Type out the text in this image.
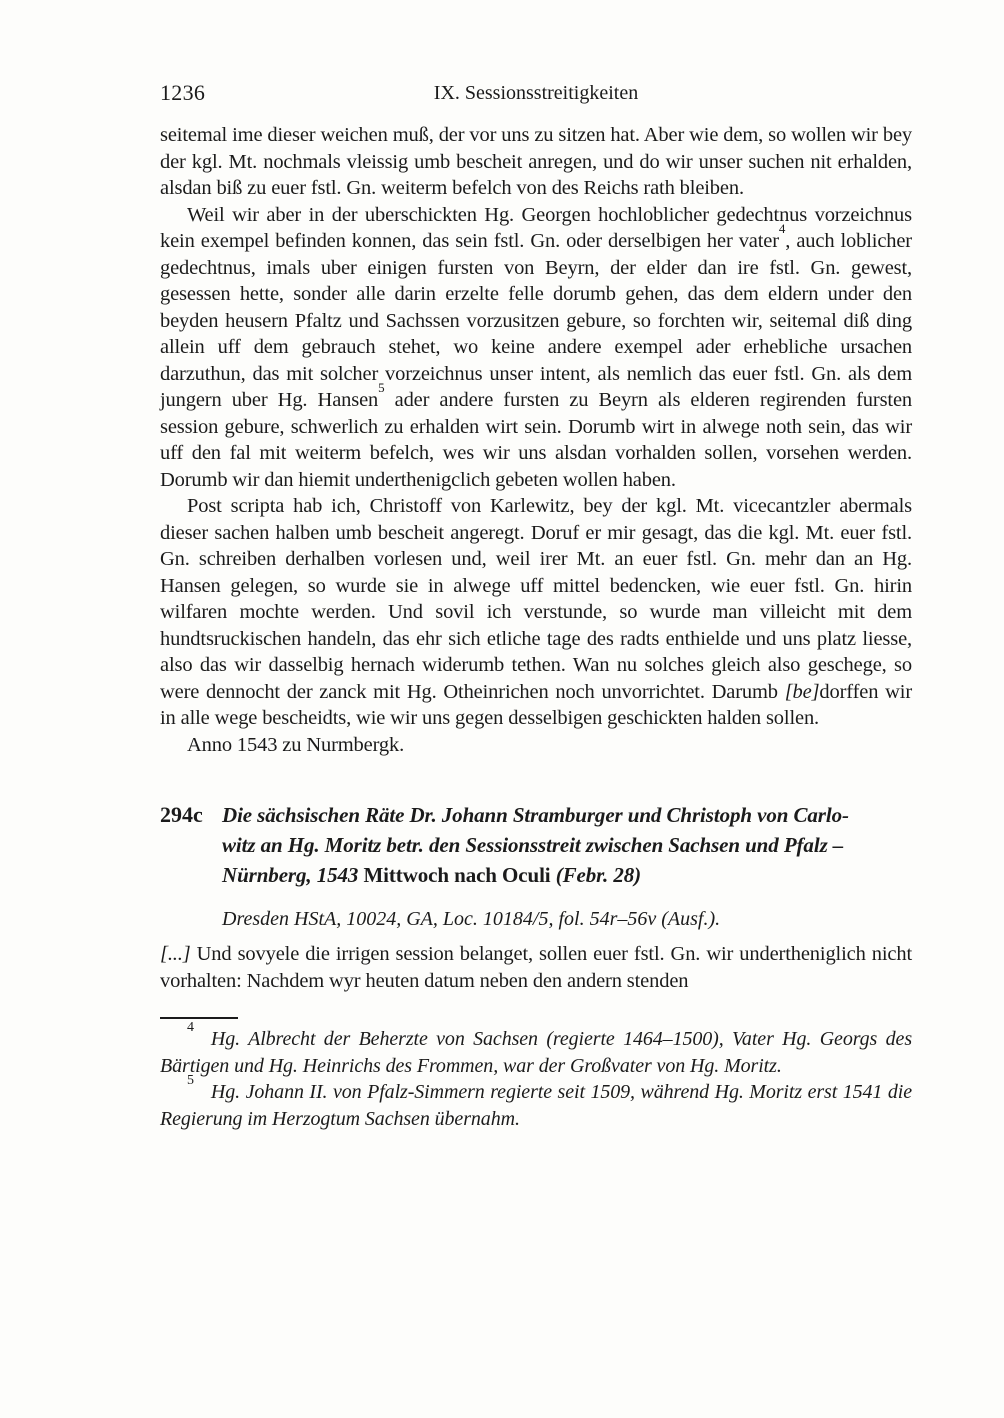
1236	IX. Sessionsstreitigkeiten

seitemal ime dieser weichen muß, der vor uns zu sitzen hat. Aber wie dem, so wollen wir bey der kgl. Mt. nochmals vleissig umb bescheit anregen, und do wir unser suchen nit erhalden, alsdan biß zu euer fstl. Gn. weiterm befelch von des Reichs rath bleiben.

Weil wir aber in der uberschickten Hg. Georgen hochloblicher gedechtnus vorzeichnus kein exempel befinden konnen, das sein fstl. Gn. oder derselbigen her vater$^4$, auch loblicher gedechtnus, imals uber einigen fursten von Beyrn, der elder dan ire fstl. Gn. gewest, gesessen hette, sonder alle darin erzelte felle dorumb gehen, das dem eldern under den beyden heusern Pfaltz und Sachssen vorzusitzen gebure, so forchten wir, seitemal diß ding allein uff dem gebrauch stehet, wo keine andere exempel ader erhebliche ursachen darzuthun, das mit solcher vorzeichnus unser intent, als nemlich das euer fstl. Gn. als dem jungern uber Hg. Hansen$^5$ ader andere fursten zu Beyrn als elderen regirenden fursten session gebure, schwerlich zu erhalden wirt sein. Dorumb wirt in alwege noth sein, das wir uff den fal mit weiterm befelch, wes wir uns alsdan vorhalden sollen, vorsehen werden. Dorumb wir dan hiemit underthenigclich gebeten wollen haben.

Post scripta hab ich, Christoff von Karlewitz, bey der kgl. Mt. vicecantzler abermals dieser sachen halben umb bescheit angeregt. Doruf er mir gesagt, das die kgl. Mt. euer fstl. Gn. schreiben derhalben vorlesen und, weil irer Mt. an euer fstl. Gn. mehr dan an Hg. Hansen gelegen, so wurde sie in alwege uff mittel bedencken, wie euer fstl. Gn. hirin wilfaren mochte werden. Und sovil ich verstunde, so wurde man villeicht mit dem hundtsruckischen handeln, das ehr sich etliche tage des radts enthielde und uns platz liesse, also das wir dasselbig hernach widerumb tethen. Wan nu solches gleich also geschege, so were dennocht der zanck mit Hg. Otheinrichen noch unvorrichtet. Darumb [be]dorffen wir in alle wege bescheidts, wie wir uns gegen desselbigen geschickten halden sollen.

Anno 1543 zu Nurmbergk.

294c Die sächsischen Räte Dr. Johann Stramburger und Christoph von Carlo-
witz an Hg. Moritz betr. den Sessionsstreit zwischen Sachsen und Pfalz –
Nürnberg, 1543 Mittwoch nach Oculi (Febr. 28)
Dresden HStA, 10024, GA, Loc. 10184/5, fol. 54r–56v (Ausf.).

[...] Und sovyele die irrigen session belanget, sollen euer fstl. Gn. wir undertheniglich nicht vorhalten: Nachdem wyr heuten datum neben den andern stenden

$^4$Hg. Albrecht der Beherzte von Sachsen (regierte 1464–1500), Vater Hg. Georgs des Bärtigen und Hg. Heinrichs des Frommen, war der Großvater von Hg. Moritz.

$^5$Hg. Johann II. von Pfalz-Simmern regierte seit 1509, während Hg. Moritz erst 1541 die Regierung im Herzogtum Sachsen übernahm.
